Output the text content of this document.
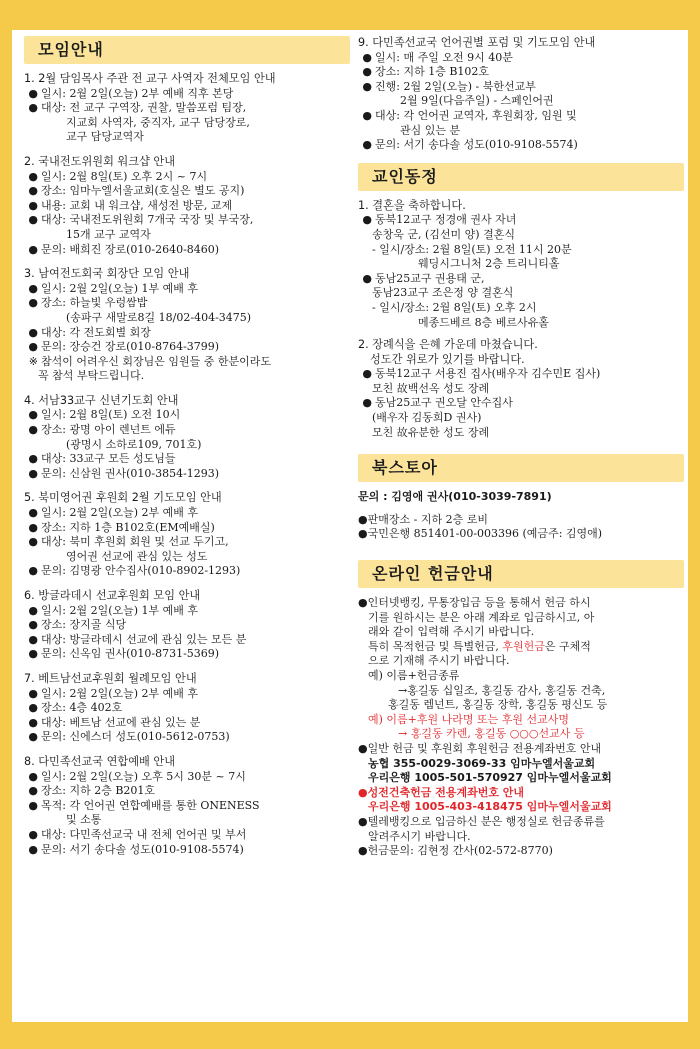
모임안내
1. 2월 담임목사 주관 전 교구 사역자 전체모임 안내
● 일시: 2월 2일(오늘) 2부 예배 직후 본당
● 대상: 전 교구 구역장, 권찰, 말씀포럼 팀장,
지교회 사역자, 중직자, 교구 담당장로,
교구 담당교역자
2. 국내전도위원회 워크샵 안내
● 일시: 2월 8일(토) 오후 2시 ~ 7시
● 장소: 임마누엘서울교회(호실은 별도 공지)
● 내용: 교회 내 워크샵, 새성전 방문, 교제
● 대상: 국내전도위원회 7개국 국장 및 부국장,
15개 교구 교역자
● 문의: 배희진 장로(010-2640-8460)
3. 남여전도회국 회장단 모임 안내
● 일시: 2월 2일(오늘) 1부 예배 후
● 장소: 하늘빛 우렁쌈밥
(송파구 새말로8길 18/02-404-3475)
● 대상: 각 전도회별 회장
● 문의: 장승건 장로(010-8764-3799)
※ 참석이 어려우신 회장님은 임원들 중 한분이라도
꼭 참석 부탁드립니다.
4. 서남33교구 신년기도회 안내
● 일시: 2월 8일(토) 오전 10시
● 장소: 광명 아이 렌넌트 에듀
(광명시 소하로109, 701호)
● 대상: 33교구 모든 성도님들
● 문의: 신삼원 권사(010-3854-1293)
5. 북미영어권 후원회 2월 기도모임 안내
● 일시: 2월 2일(오늘) 2부 예배 후
● 장소: 지하 1층 B102호(EM예배실)
● 대상: 북미 후원회 회원 및 선교 두기고,
영어권 선교에 관심 있는 성도
● 문의: 김명광 안수집사(010-8902-1293)
6. 방글라데시 선교후원회 모임 안내
● 일시: 2월 2일(오늘) 1부 예배 후
● 장소: 장지골 식당
● 대상: 방글라데시 선교에 관심 있는 모든 분
● 문의: 신옥임 권사(010-8731-5369)
7. 베트남선교후원회 월례모임 안내
● 일시: 2월 2일(오늘) 2부 예배 후
● 장소: 4층 402호
● 대상: 베트남 선교에 관심 있는 분
● 문의: 신에스더 성도(010-5612-0753)
8. 다민족선교국 연합예배 안내
● 일시: 2월 2일(오늘) 오후 5시 30분 ~ 7시
● 장소: 지하 2층 B201호
● 목적: 각 언어권 연합예배를 통한 ONENESS
및 소통
● 대상: 다민족선교국 내 전체 언어권 및 부서
● 문의: 서기 송다솔 성도(010-9108-5574)
9. 다민족선교국 언어권별 포럼 및 기도모임 안내
● 일시: 매 주일 오전 9시 40분
● 장소: 지하 1층 B102호
● 진행: 2월 2일(오늘) - 북한선교부
2월 9일(다음주일) - 스페인어권
● 대상: 각 언어권 교역자, 후원회장, 임원 및
관심 있는 분
● 문의: 서기 송다솔 성도(010-9108-5574)
교인동정
1. 결혼을 축하합니다.
● 동북12교구 정경애 권사 자녀
송창욱 군, (김선미 양) 결혼식
- 일시/장소: 2월 8일(토) 오전 11시 20분
웨딩시그니처 2층 트리니티홀
● 동남25교구 권용태 군,
동남23교구 조은정 양 결혼식
- 일시/장소: 2월 8일(토) 오후 2시
메종드베르 8층 베르사유홀
2. 장례식을 은혜 가운데 마쳤습니다.
성도간 위로가 있기를 바랍니다.
● 동북12교구 서용진 집사(배우자 김수민E 집사)
모친 故백선옥 성도 장례
● 동남25교구 권오달 안수집사
(배우자 김동희D 권사)
모친 故유분한 성도 장례
북스토아
문의 : 김영애 권사(010-3039-7891)
● 판매장소 - 지하 2층 로비
● 국민은행 851401-00-003396 (예금주: 김영애)
온라인 헌금안내
● 인터넷뱅킹, 무통장입금 등을 통해서 헌금 하시
기를 원하시는 분은 아래 계좌로 입금하시고, 아
래와 같이 입력해 주시기 바랍니다.
특히 목적헌금 및 특별헌금, 후원헌금은 구체적
으로 기재해 주시기 바랍니다.
예) 이름+헌금종류
→홍길동 십일조, 홍길동 감사, 홍길동 건축,
홍길동 렘넌트, 홍길동 장학, 홍길동 평신도 등
예) 이름+후원 나라명 또는 후원 선교사명
→ 홍길동 카렌, 홍길동 ○○○선교사 등
● 일반 헌금 및 후원회 후원헌금 전용계좌번호 안내
농협 355-0029-3069-33 임마누엘서울교회
우리은행 1005-501-570927 임마누엘서울교회
● 성전건축헌금 전용계좌번호 안내
우리은행 1005-403-418475 임마누엘서울교회
● 텔레뱅킹으로 입금하신 분은 행정실로 헌금종류를
알려주시기 바랍니다.
● 헌금문의: 김현정 간사(02-572-8770)
